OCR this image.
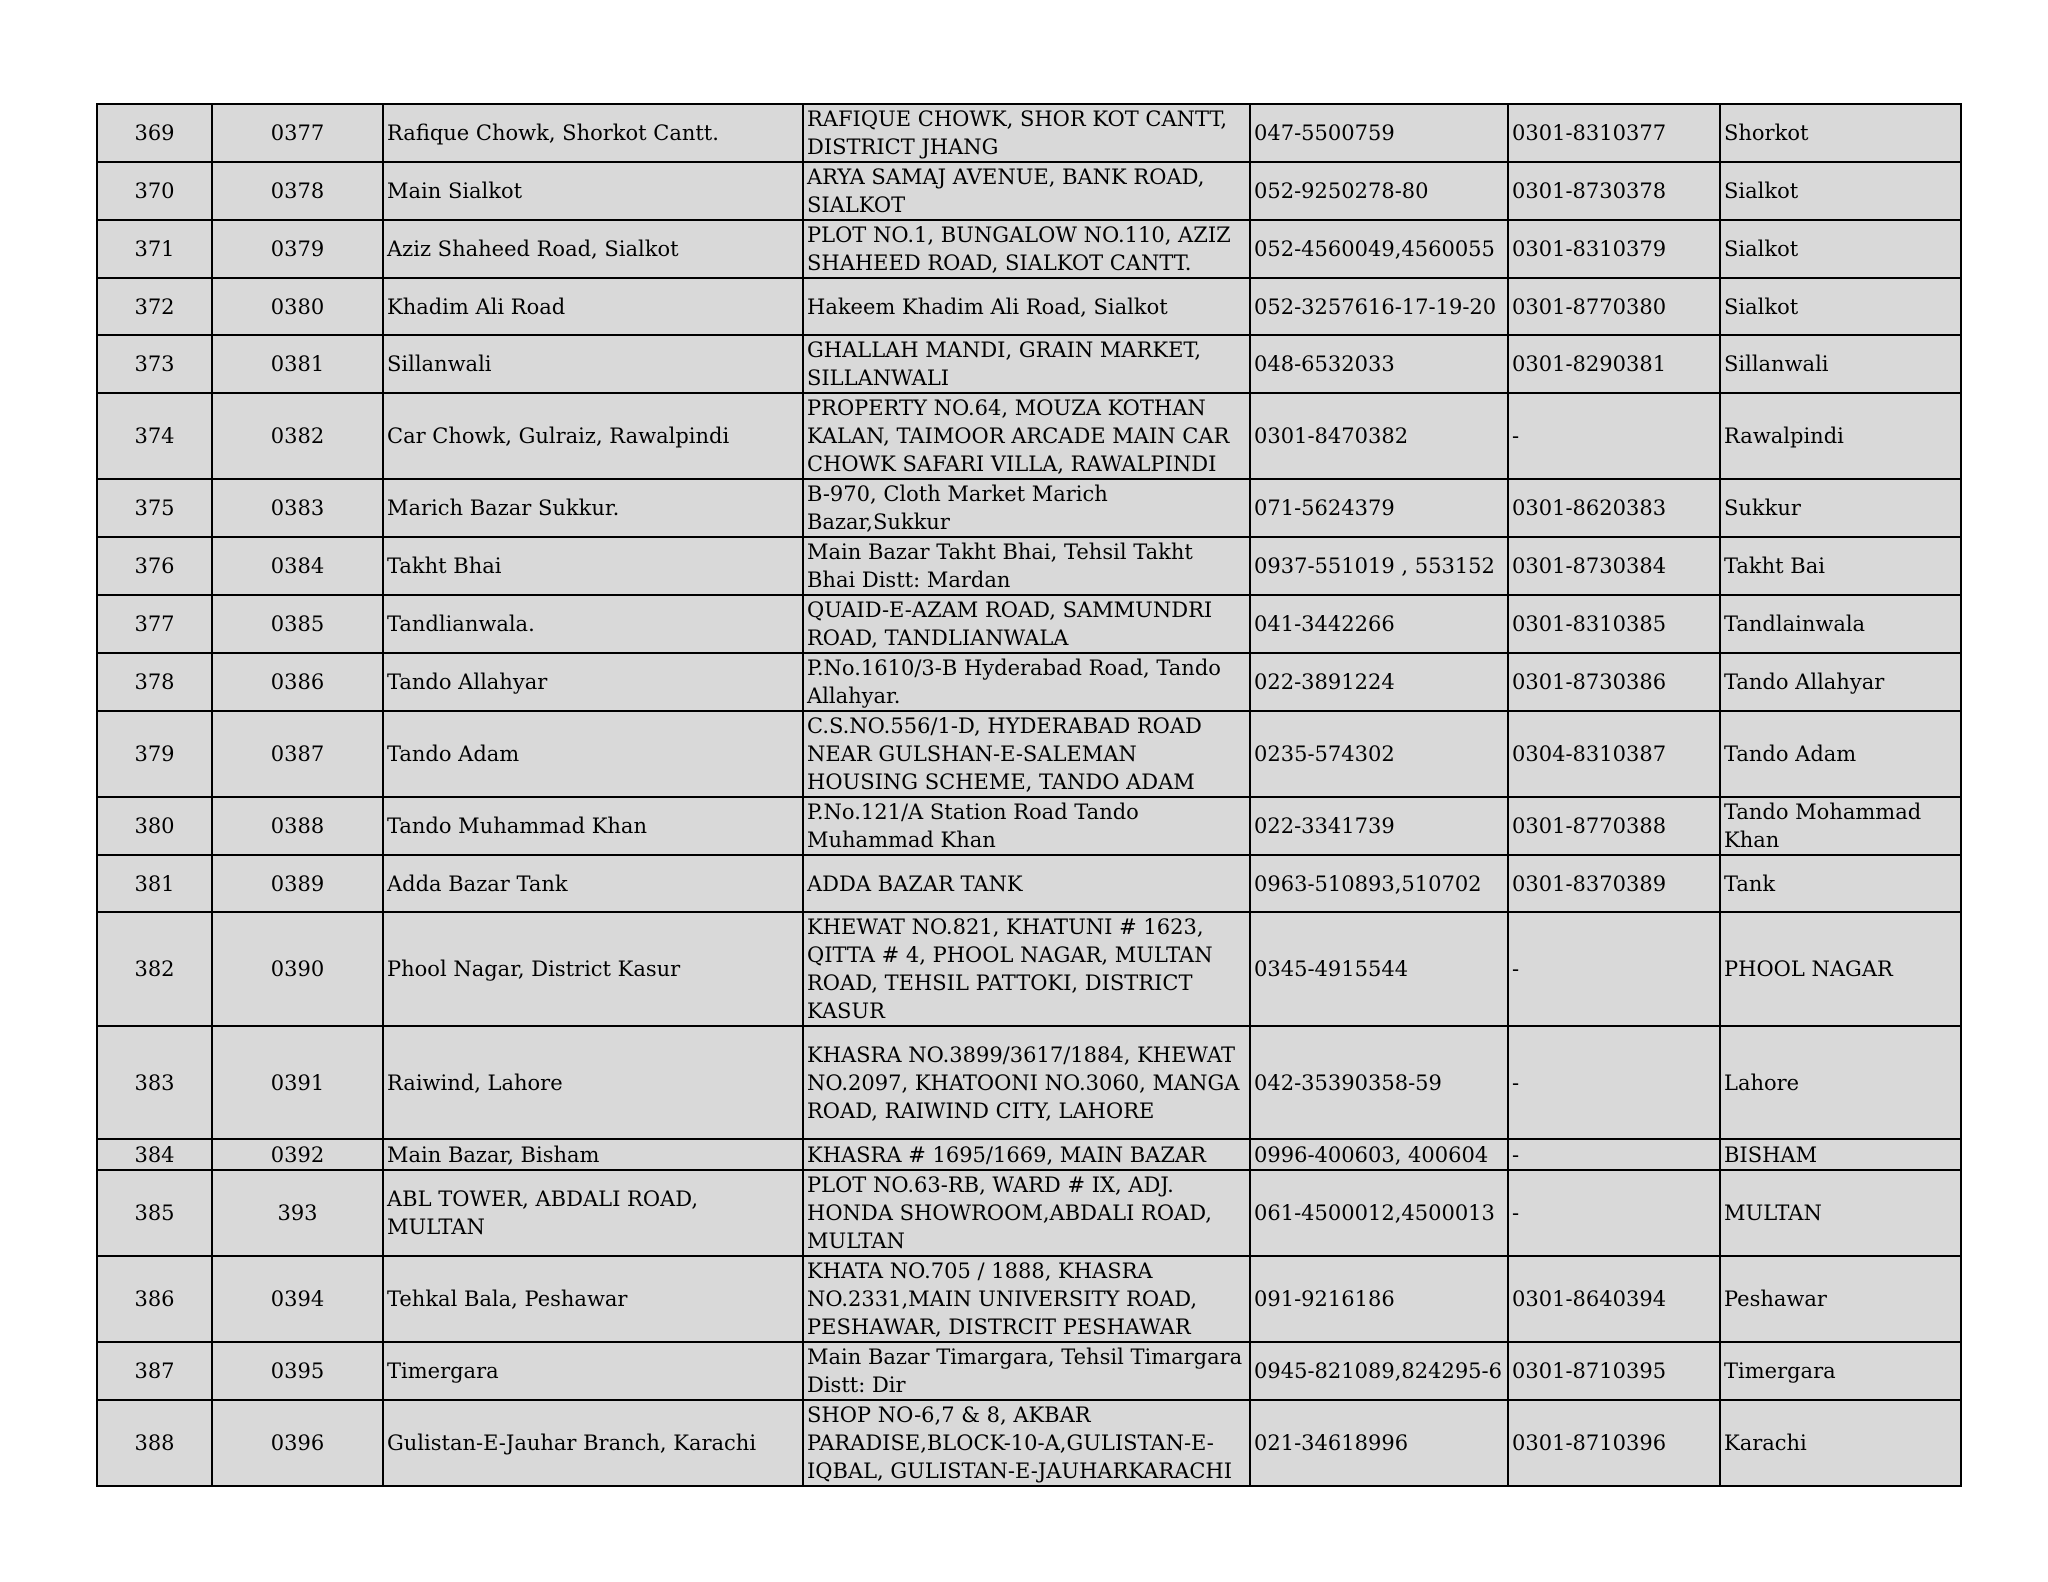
369	0377	Rafique Chowk, Shorkot Cantt.	RAFIQUE CHOWK, SHOR KOT CANTT, DISTRICT JHANG	047-5500759	0301-8310377	Shorkot
370	0378	Main Sialkot	ARYA SAMAJ AVENUE, BANK ROAD, SIALKOT	052-9250278-80	0301-8730378	Sialkot
371	0379	Aziz Shaheed Road, Sialkot	PLOT NO.1, BUNGALOW NO.110, AZIZ SHAHEED ROAD, SIALKOT CANTT.	052-4560049,4560055	0301-8310379	Sialkot
372	0380	Khadim Ali Road	Hakeem Khadim Ali Road, Sialkot	052-3257616-17-19-20	0301-8770380	Sialkot
373	0381	Sillanwali	GHALLAH MANDI, GRAIN MARKET, SILLANWALI	048-6532033	0301-8290381	Sillanwali
374	0382	Car Chowk, Gulraiz, Rawalpindi	PROPERTY NO.64, MOUZA KOTHAN KALAN, TAIMOOR ARCADE MAIN CAR CHOWK SAFARI VILLA, RAWALPINDI	0301-8470382	-	Rawalpindi
375	0383	Marich Bazar Sukkur.	B-970, Cloth Market Marich Bazar,Sukkur	071-5624379	0301-8620383	Sukkur
376	0384	Takht Bhai	Main Bazar Takht Bhai, Tehsil Takht Bhai Distt: Mardan	0937-551019 , 553152	0301-8730384	Takht Bai
377	0385	Tandlianwala.	QUAID-E-AZAM ROAD, SAMMUNDRI ROAD, TANDLIANWALA	041-3442266	0301-8310385	Tandlainwala
378	0386	Tando Allahyar	P.No.1610/3-B Hyderabad Road, Tando Allahyar.	022-3891224	0301-8730386	Tando Allahyar
379	0387	Tando Adam	C.S.NO.556/1-D, HYDERABAD ROAD NEAR GULSHAN-E-SALEMAN HOUSING SCHEME, TANDO ADAM	0235-574302	0304-8310387	Tando Adam
380	0388	Tando Muhammad Khan	P.No.121/A Station Road Tando Muhammad Khan	022-3341739	0301-8770388	Tando Mohammad Khan
381	0389	Adda Bazar Tank	ADDA BAZAR TANK	0963-510893,510702	0301-8370389	Tank
382	0390	Phool Nagar, District Kasur	KHEWAT NO.821, KHATUNI # 1623, QITTA # 4, PHOOL NAGAR, MULTAN ROAD, TEHSIL PATTOKI, DISTRICT KASUR	0345-4915544	-	PHOOL NAGAR
383	0391	Raiwind, Lahore	KHASRA NO.3899/3617/1884, KHEWAT NO.2097, KHATOONI NO.3060, MANGA ROAD, RAIWIND CITY, LAHORE	042-35390358-59	-	Lahore
384	0392	Main Bazar, Bisham	KHASRA # 1695/1669, MAIN BAZAR	0996-400603, 400604	-	BISHAM
385	393	ABL TOWER, ABDALI ROAD, MULTAN	PLOT NO.63-RB, WARD # IX, ADJ. HONDA SHOWROOM,ABDALI ROAD, MULTAN	061-4500012,4500013	-	MULTAN
386	0394	Tehkal Bala, Peshawar	KHATA NO.705 / 1888, KHASRA NO.2331,MAIN UNIVERSITY ROAD, PESHAWAR, DISTRCIT PESHAWAR	091-9216186	0301-8640394	Peshawar
387	0395	Timergara	Main Bazar Timargara, Tehsil Timargara Distt: Dir	0945-821089,824295-6	0301-8710395	Timergara
388	0396	Gulistan-E-Jauhar Branch, Karachi	SHOP NO-6,7 & 8, AKBAR PARADISE,BLOCK-10-A,GULISTAN-E-IQBAL, GULISTAN-E-JAUHARKARACHI	021-34618996	0301-8710396	Karachi
